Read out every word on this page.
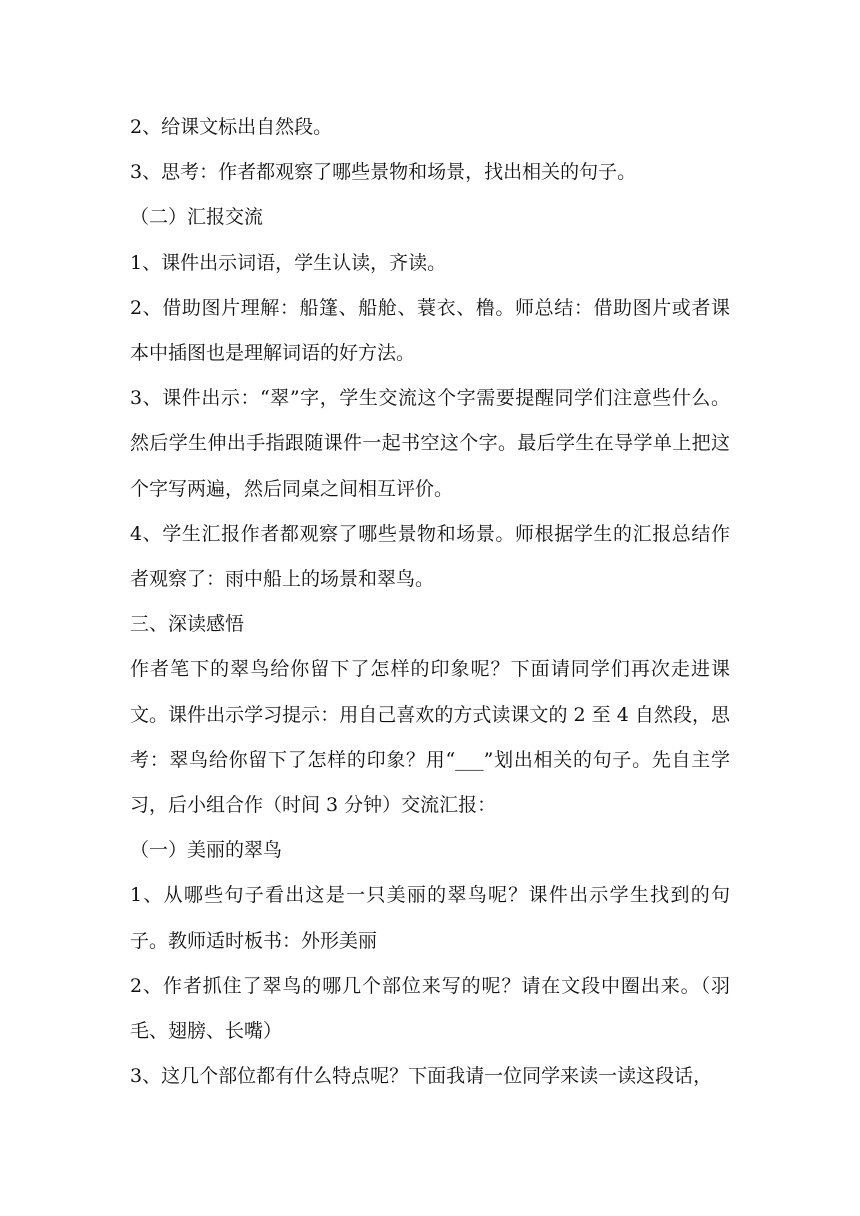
2、给课文标出自然段。

3、思考：作者都观察了哪些景物和场景，找出相关的句子。

（二）汇报交流

1、课件出示词语，学生认读，齐读。

2、借助图片理解：船篷、船舱、蓑衣、橹。师总结：借助图片或者课本中插图也是理解词语的好方法。

3、课件出示：“翠”字，学生交流这个字需要提醒同学们注意些什么。然后学生伸出手指跟随课件一起书空这个字。最后学生在导学单上把这个字写两遍，然后同桌之间相互评价。

4、学生汇报作者都观察了哪些景物和场景。师根据学生的汇报总结作者观察了：雨中船上的场景和翠鸟。

三、深读感悟

作者笔下的翠鸟给你留下了怎样的印象呢？下面请同学们再次走进课文。课件出示学习提示：用自己喜欢的方式读课文的 2 至 4 自然段，思考：翠鸟给你留下了怎样的印象？用“___”划出相关的句子。先自主学习，后小组合作（时间 3 分钟）交流汇报：

（一）美丽的翠鸟

1、从哪些句子看出这是一只美丽的翠鸟呢？课件出示学生找到的句子。教师适时板书：外形美丽

2、作者抓住了翠鸟的哪几个部位来写的呢？请在文段中圈出来。（羽毛、翅膀、长嘴）

3、这几个部位都有什么特点呢？下面我请一位同学来读一读这段话，
